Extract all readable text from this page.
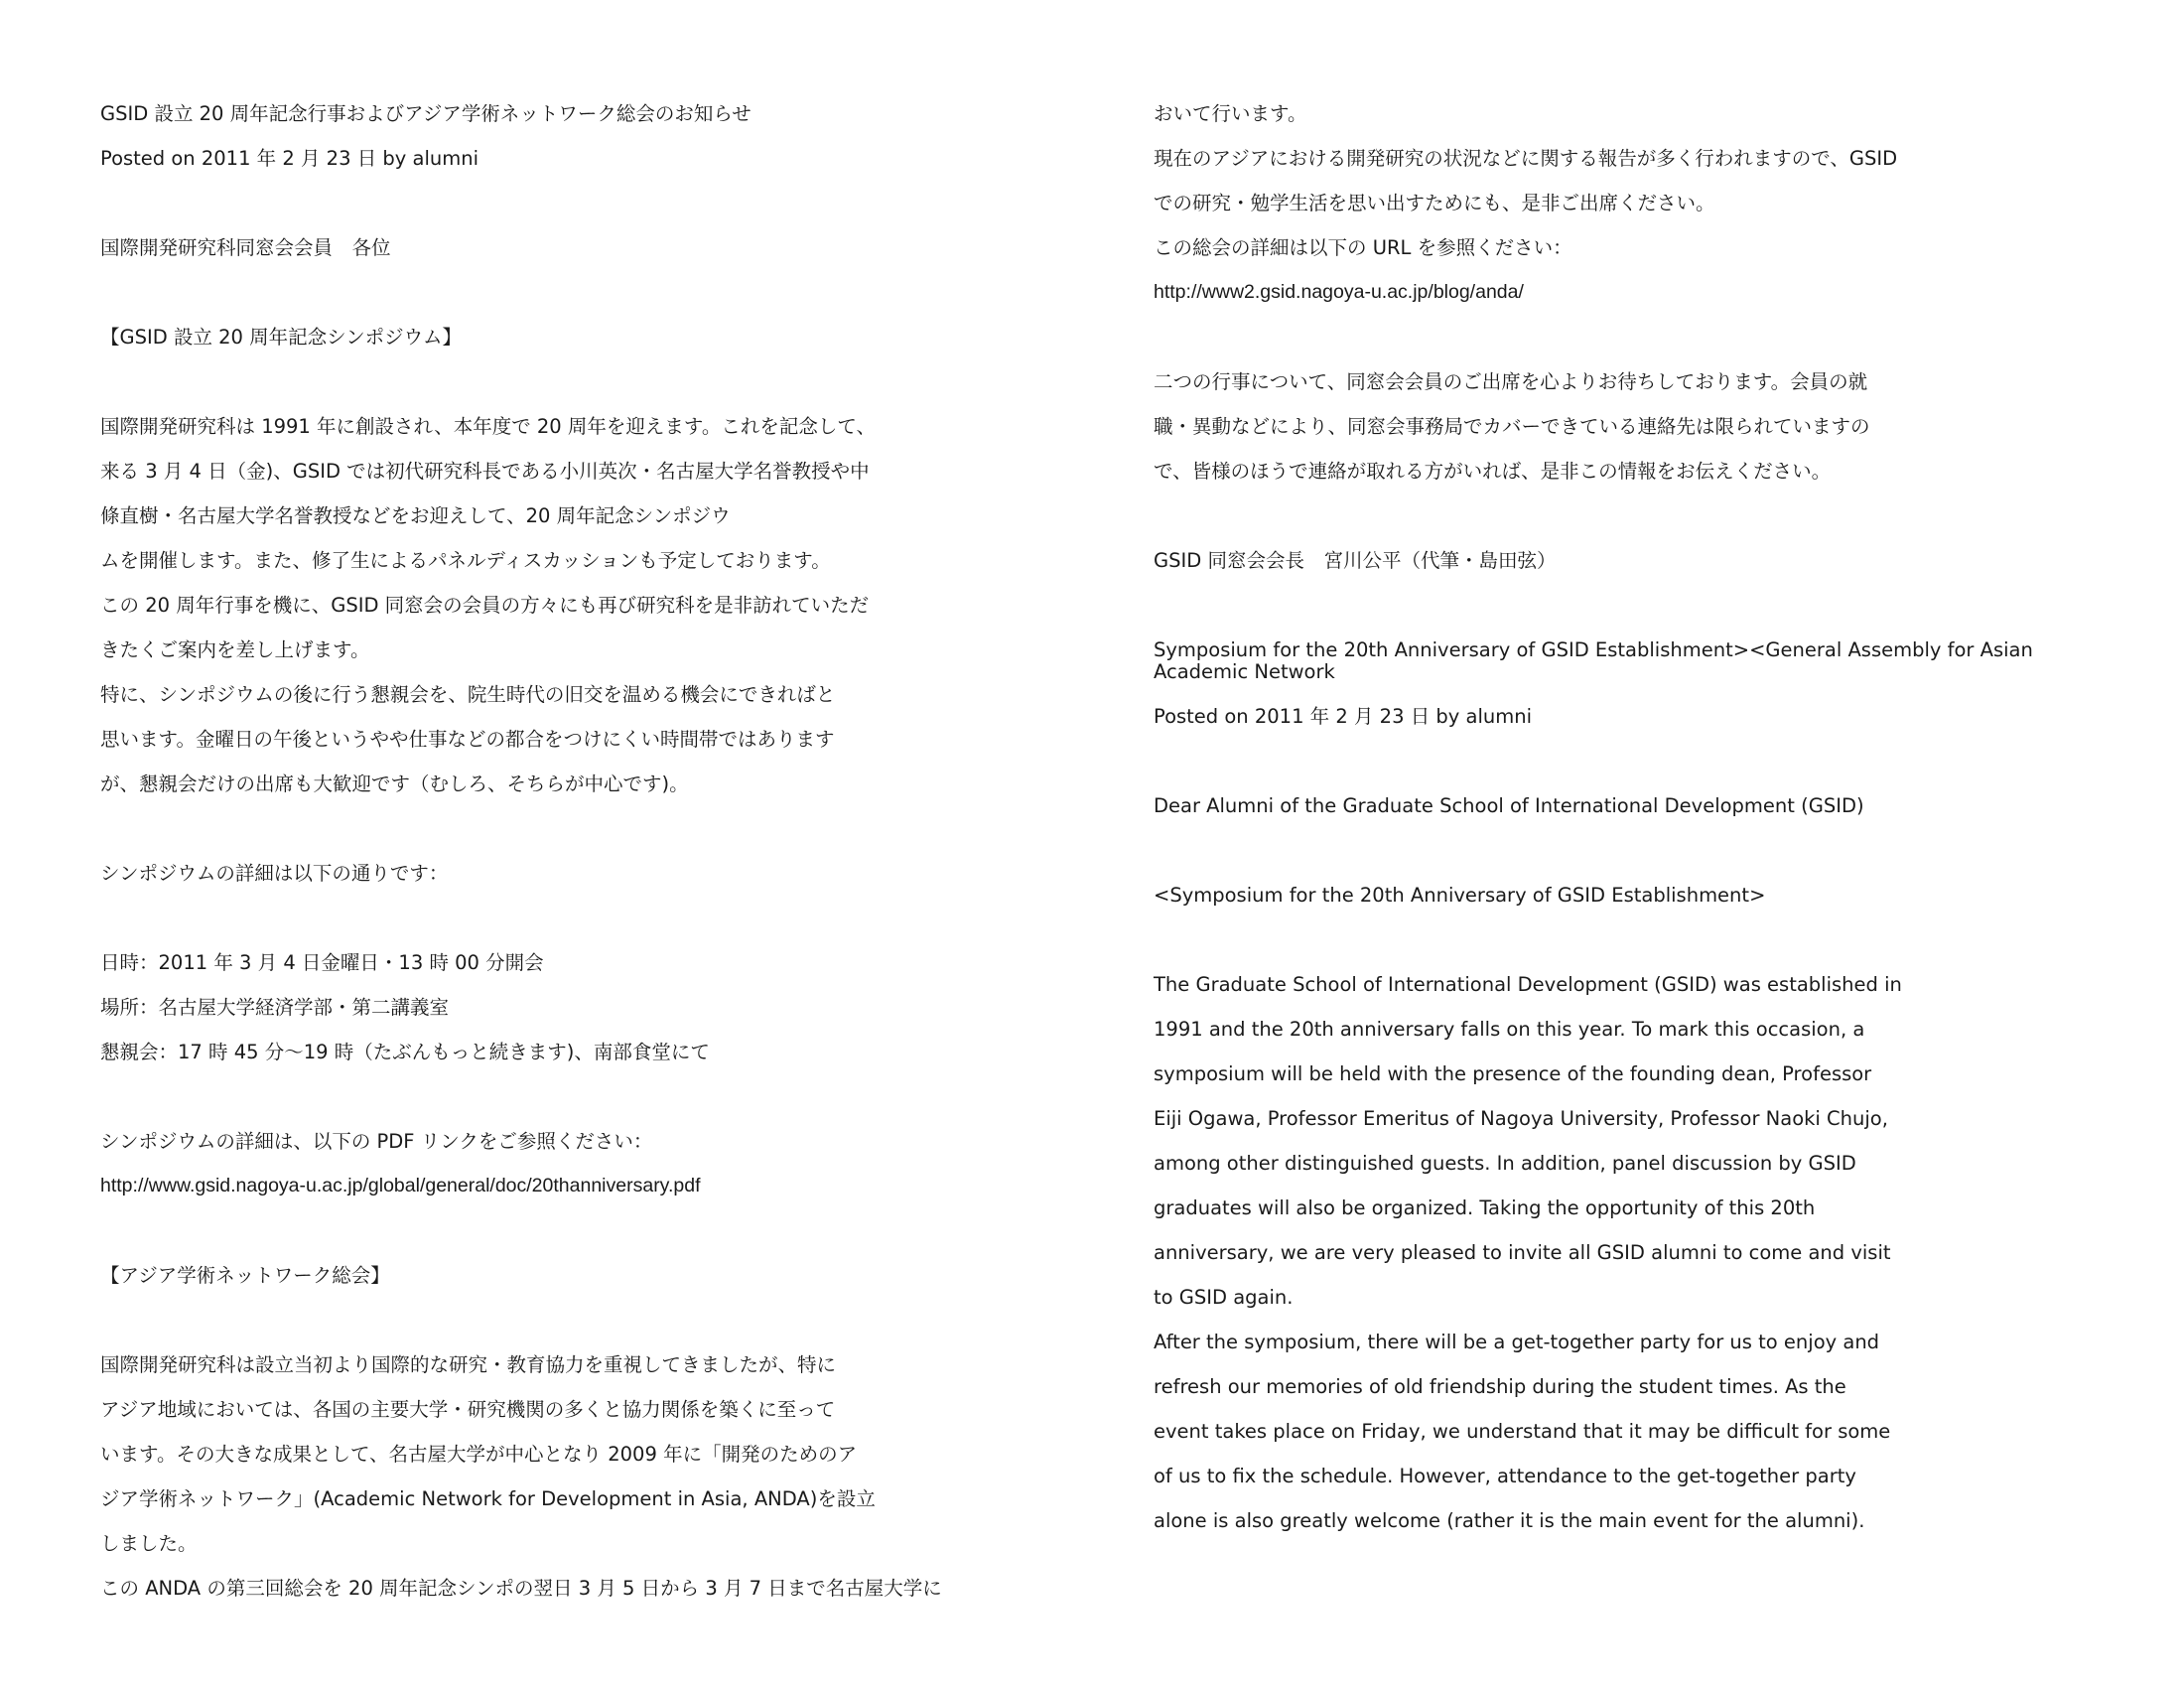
GSID 設立 20 周年記念行事およびアジア学術ネットワーク総会のお知らせ
Posted on 2011 年 2 月 23 日 by alumni
国際開発研究科同窓会会員　各位
【GSID 設立 20 周年記念シンポジウム】
国際開発研究科は 1991 年に創設され、本年度で 20 周年を迎えます。これを記念して、
来る 3 月 4 日（金)、GSID では初代研究科長である小川英次・名古屋大学名誉教授や中
條直樹・名古屋大学名誉教授などをお迎えして、20 周年記念シンポジウ
ムを開催します。また、修了生によるパネルディスカッションも予定しております。
この 20 周年行事を機に、GSID 同窓会の会員の方々にも再び研究科を是非訪れていただ
きたくご案内を差し上げます。
特に、シンポジウムの後に行う懇親会を、院生時代の旧交を温める機会にできればと
思います。金曜日の午後というやや仕事などの都合をつけにくい時間帯ではあります
が、懇親会だけの出席も大歓迎です（むしろ、そちらが中心です)。
シンポジウムの詳細は以下の通りです：
日時：2011 年 3 月 4 日金曜日・13 時 00 分開会
場所：名古屋大学経済学部・第二講義室
懇親会：17 時 45 分〜19 時（たぶんもっと続きます)、南部食堂にて
シンポジウムの詳細は、以下の PDF リンクをご参照ください：
http://www.gsid.nagoya-u.ac.jp/global/general/doc/20thanniversary.pdf
【アジア学術ネットワーク総会】
国際開発研究科は設立当初より国際的な研究・教育協力を重視してきましたが、特に
アジア地域においては、各国の主要大学・研究機関の多くと協力関係を築くに至って
います。その大きな成果として、名古屋大学が中心となり 2009 年に「開発のためのア
ジア学術ネットワーク」(Academic Network for Development in Asia, ANDA)を設立
しました。
この ANDA の第三回総会を 20 周年記念シンポの翌日 3 月 5 日から 3 月 7 日まで名古屋大学に
おいて行います。
現在のアジアにおける開発研究の状況などに関する報告が多く行われますので、GSID
での研究・勉学生活を思い出すためにも、是非ご出席ください。
この総会の詳細は以下の URL を参照ください：
http://www2.gsid.nagoya-u.ac.jp/blog/anda/
二つの行事について、同窓会会員のご出席を心よりお待ちしております。会員の就
職・異動などにより、同窓会事務局でカバーできている連絡先は限られていますの
で、皆様のほうで連絡が取れる方がいれば、是非この情報をお伝えください。
GSID 同窓会会長　宮川公平（代筆・島田弦）
Symposium for the 20th Anniversary of GSID Establishment><General Assembly for Asian Academic Network
Posted on 2011 年 2 月 23 日 by alumni
Dear Alumni of the Graduate School of International Development (GSID)
<Symposium for the 20th Anniversary of GSID Establishment>
The Graduate School of International Development (GSID) was established in
1991 and the 20th anniversary falls on this year. To mark this occasion, a
symposium will be held with the presence of the founding dean, Professor
Eiji Ogawa, Professor Emeritus of Nagoya University, Professor Naoki Chujo,
among other distinguished guests. In addition, panel discussion by GSID
graduates will also be organized. Taking the opportunity of this 20th
anniversary, we are very pleased to invite all GSID alumni to come and visit
to GSID again.
After the symposium, there will be a get-together party for us to enjoy and
refresh our memories of old friendship during the student times. As the
event takes place on Friday, we understand that it may be difficult for some
of us to fix the schedule. However, attendance to the get-together party
alone is also greatly welcome (rather it is the main event for the alumni).
